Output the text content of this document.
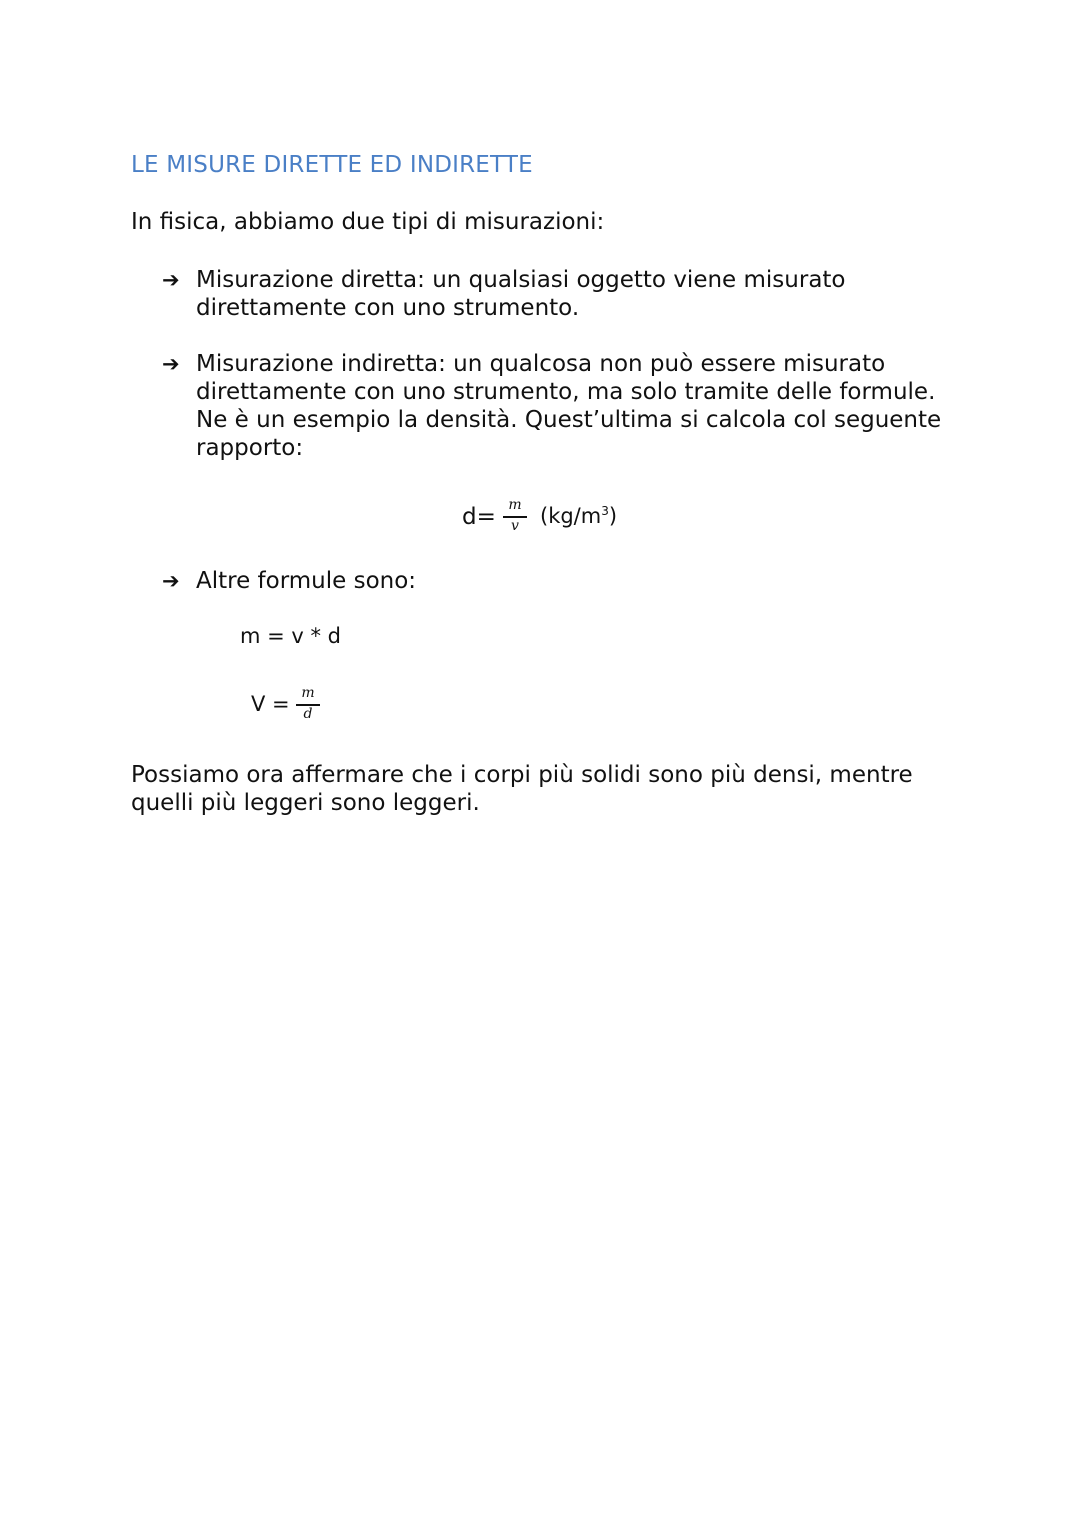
LE MISURE DIRETTE ED INDIRETTE
In fisica, abbiamo due tipi di misurazioni:
➔ Misurazione diretta: un qualsiasi oggetto viene misurato
direttamente con uno strumento.
➔ Misurazione indiretta: un qualcosa non può essere misurato
direttamente con uno strumento, ma solo tramite delle formule.
Ne è un esempio la densità. Quest’ultima si calcola col seguente
rapporto:
d= m
v	$(kg/m^3)$
➔ Altre formule sono:
m = v * d
V = m
d
Possiamo ora affermare che i corpi più solidi sono più densi, mentre
quelli più leggeri sono leggeri.
